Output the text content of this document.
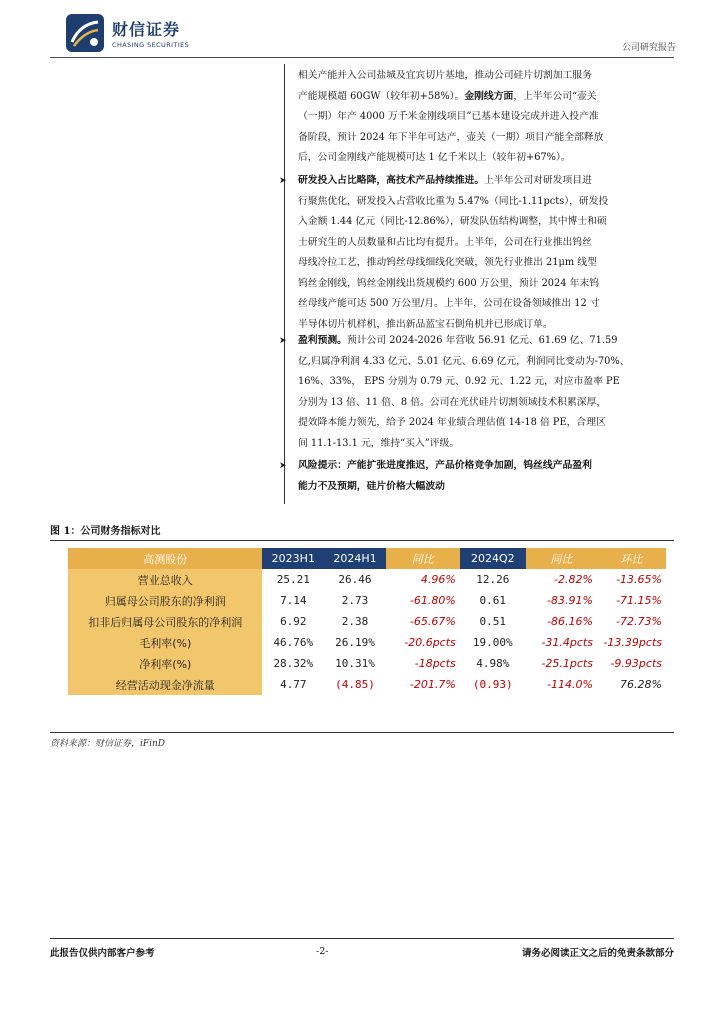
财信证券
CHASING SECURITIES	公司研究报告
相关产能并入公司盐城及宜宾切片基地，推动公司硅片切割加工服务
产能规模超 60GW（较年初+58%）。金刚线方面，上半年公司“壶关
（一期）年产 4000 万千米金刚线项目”已基本建设完成并进入投产准
备阶段，预计 2024 年下半年可达产，壶关（一期）项目产能全部释放
后，公司金刚线产能规模可达 1 亿千米以上（较年初+67%）。
➤ 研发投入占比略降，高技术产品持续推进。上半年公司对研发项目进
行聚焦优化，研发投入占营收比重为 5.47%（同比-1.11pcts），研发投
入金额 1.44 亿元（同比-12.86%），研发队伍结构调整，其中博士和硕
士研究生的人员数量和占比均有提升。上半年，公司在行业推出钨丝
母线冷拉工艺，推动钨丝母线细线化突破，领先行业推出 21μm 线型
钨丝金刚线，钨丝金刚线出货规模约 600 万公里，预计 2024 年末钨
丝母线产能可达 500 万公里/月。上半年，公司在设备领域推出 12 寸
半导体切片机样机，推出新品蓝宝石倒角机并已形成订单。
➤ 盈利预测。预计公司 2024-2026 年营收 56.91 亿元、61.69 亿、71.59
亿,归属净利润 4.33 亿元、5.01 亿元、6.69 亿元，利润同比变动为-70%、
16%、33%， EPS 分别为 0.79 元、0.92 元、1.22 元，对应市盈率 PE
分别为 13 倍、11 倍、8 倍。公司在光伏硅片切割领域技术积累深厚，
提效降本能力领先，给予 2024 年业绩合理估值 14-18 倍 PE，合理区
间 11.1-13.1 元，维持“买入”评级。
➤ 风险提示：产能扩张进度推迟，产品价格竞争加剧，钨丝线产品盈利
能力不及预期，硅片价格大幅波动
图 1：公司财务指标对比
高测股份	2023H1	2024H1	同比	2024Q2	同比	环比
营业总收入	25.21	26.46	4.96%	12.26	-2.82%	-13.65%
归属母公司股东的净利润	7.14	2.73	-61.80%	0.61	-83.91%	-71.15%
扣非后归属母公司股东的净利润	6.92	2.38	-65.67%	0.51	-86.16%	-72.73%
毛利率(%)	46.76%	26.19%	-20.6pcts	19.00%	-31.4pcts	-13.39pcts
净利率(%)	28.32%	10.31%	-18pcts	4.98%	-25.1pcts	-9.93pcts
经营活动现金净流量	4.77	(4.85)	-201.7%	(0.93)	-114.0%	76.28%
资料来源：财信证券，iFinD
此报告仅供内部客户参考	-2-	请务必阅读正文之后的免责条款部分
